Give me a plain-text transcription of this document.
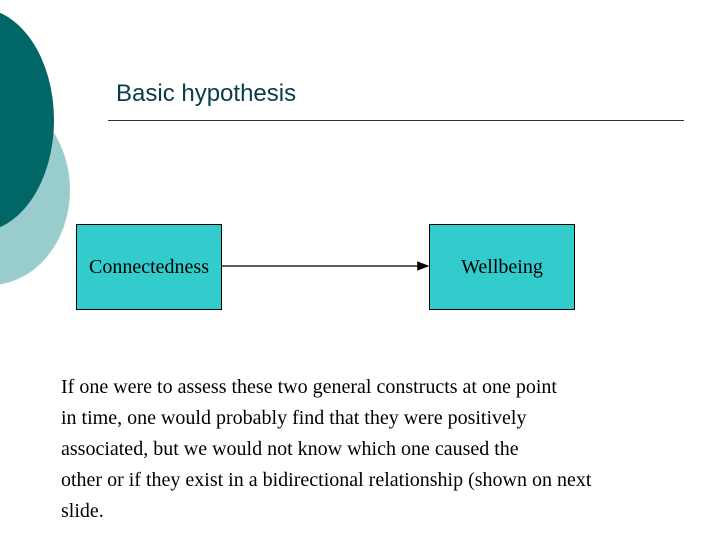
Basic hypothesis
Connectedness	Wellbeing
If one were to assess these two general constructs at one point
in time, one would probably find that they were positively
associated, but we would not know which one caused the
other or if they exist in a bidirectional relationship (shown on next
slide.
